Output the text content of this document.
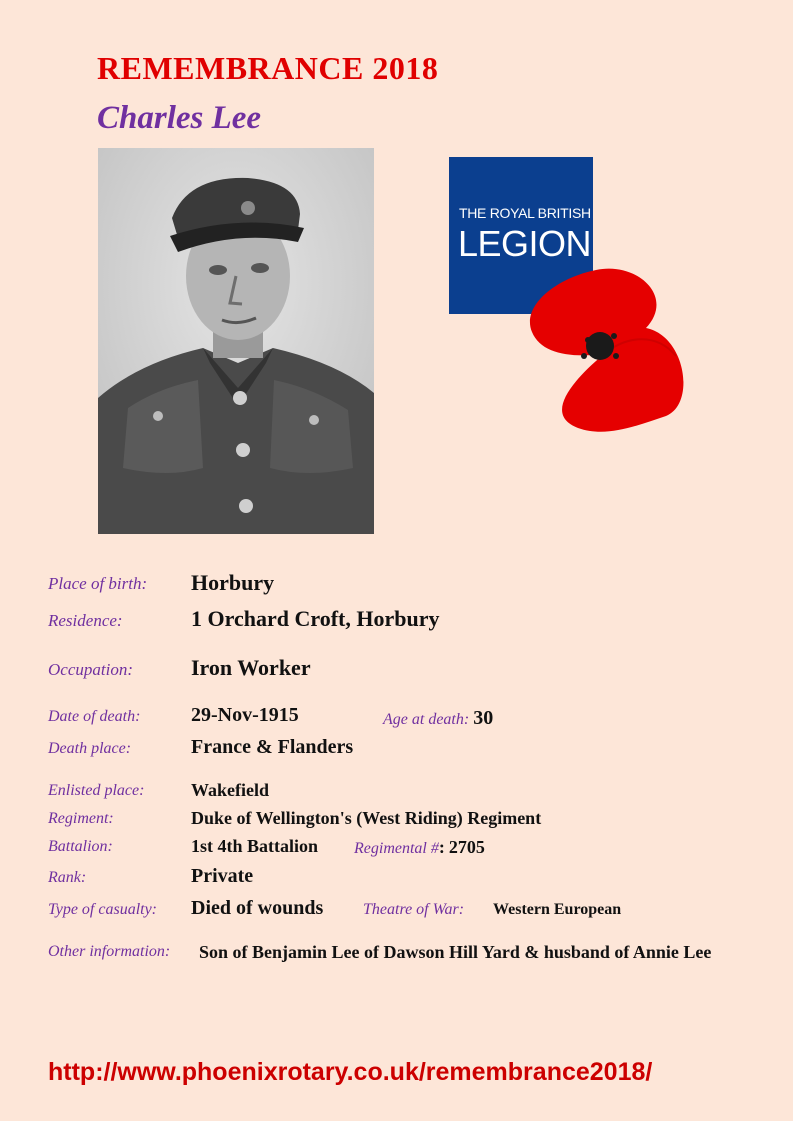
REMEMBRANCE 2018
Charles Lee
THE ROYAL BRITISH
LEGION
Place of birth: Horbury
Residence:	1 Orchard Croft, Horbury
Occupation:	Iron Worker
Date of death:	29-Nov-1915	Age at death: 30
Death place:	France & Flanders
Enlisted place:	Wakefield
Regiment:	Duke of Wellington's (West Riding) Regiment
Battalion:	1st 4th Battalion Regimental #: 2705
Rank:	Private
Type of casualty: Died of wounds Theatre of War: Western European
Other information: Son of Benjamin Lee of Dawson Hill Yard & husband of Annie Lee
http://www.phoenixrotary.co.uk/remembrance2018/
